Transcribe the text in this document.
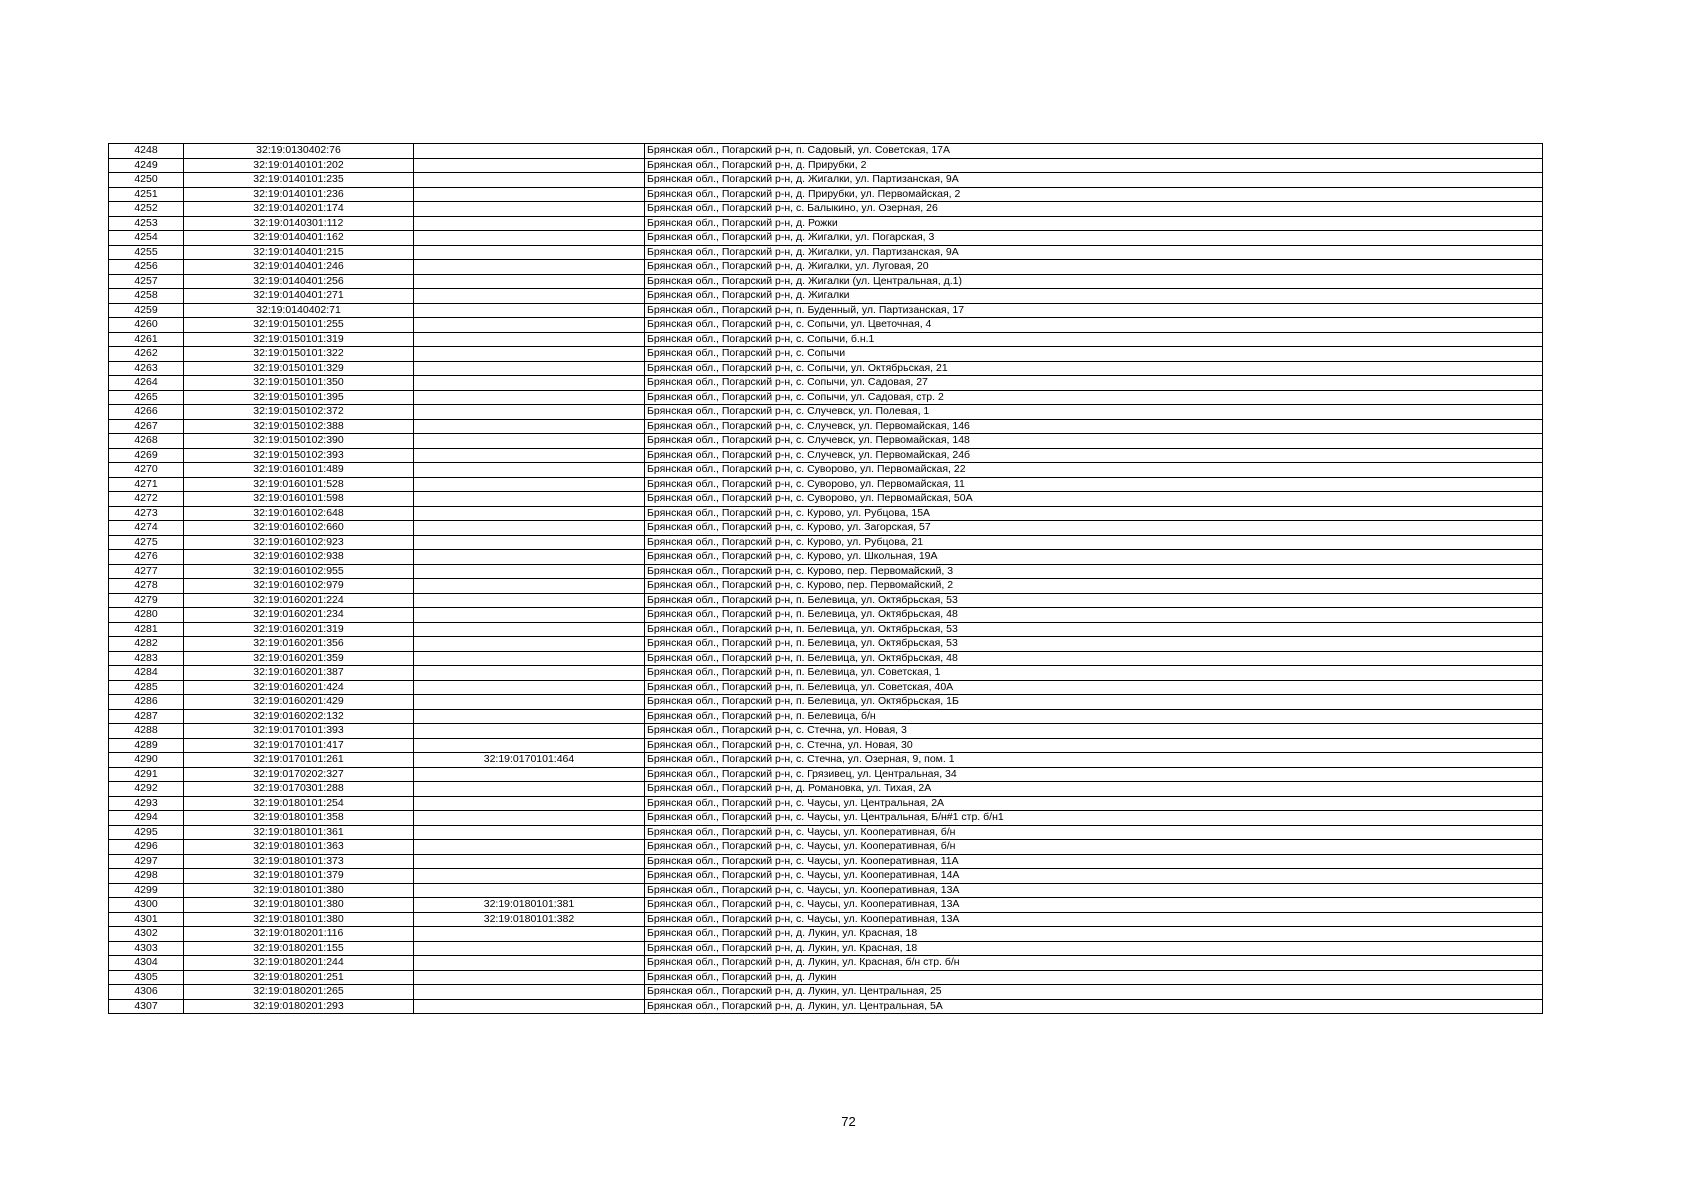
4248	32:19:0130402:76		Брянская обл., Погарский р-н, п. Садовый, ул. Советская, 17А
4249	32:19:0140101:202		Брянская обл., Погарский р-н, д. Прирубки, 2
4250	32:19:0140101:235		Брянская обл., Погарский р-н, д. Жигалки, ул. Партизанская, 9А
4251	32:19:0140101:236		Брянская обл., Погарский р-н, д. Прирубки, ул. Первомайская, 2
4252	32:19:0140201:174		Брянская обл., Погарский р-н, с. Балыкино, ул. Озерная, 26
4253	32:19:0140301:112		Брянская обл., Погарский р-н, д. Рожки
4254	32:19:0140401:162		Брянская обл., Погарский р-н, д. Жигалки, ул. Погарская, 3
4255	32:19:0140401:215		Брянская обл., Погарский р-н, д. Жигалки, ул. Партизанская, 9А
4256	32:19:0140401:246		Брянская обл., Погарский р-н, д. Жигалки, ул. Луговая, 20
4257	32:19:0140401:256		Брянская обл., Погарский р-н, д. Жигалки (ул. Центральная, д.1)
4258	32:19:0140401:271		Брянская обл., Погарский р-н, д. Жигалки
4259	32:19:0140402:71		Брянская обл., Погарский р-н, п. Буденный, ул. Партизанская, 17
4260	32:19:0150101:255		Брянская обл., Погарский р-н, с. Сопычи, ул. Цветочная, 4
4261	32:19:0150101:319		Брянская обл., Погарский р-н, с. Сопычи, б.н.1
4262	32:19:0150101:322		Брянская обл., Погарский р-н, с. Сопычи
4263	32:19:0150101:329		Брянская обл., Погарский р-н, с. Сопычи, ул. Октябрьская, 21
4264	32:19:0150101:350		Брянская обл., Погарский р-н, с. Сопычи, ул. Садовая, 27
4265	32:19:0150101:395		Брянская обл., Погарский р-н, с. Сопычи, ул. Садовая, стр. 2
4266	32:19:0150102:372		Брянская обл., Погарский р-н, с. Случевск, ул. Полевая, 1
4267	32:19:0150102:388		Брянская обл., Погарский р-н, с. Случевск, ул. Первомайская, 146
4268	32:19:0150102:390		Брянская обл., Погарский р-н, с. Случевск, ул. Первомайская, 148
4269	32:19:0150102:393		Брянская обл., Погарский р-н, с. Случевск, ул. Первомайская, 24б
4270	32:19:0160101:489		Брянская обл., Погарский р-н, с. Суворово, ул. Первомайская, 22
4271	32:19:0160101:528		Брянская обл., Погарский р-н, с. Суворово, ул. Первомайская, 11
4272	32:19:0160101:598		Брянская обл., Погарский р-н, с. Суворово, ул. Первомайская, 50А
4273	32:19:0160102:648		Брянская обл., Погарский р-н, с. Курово, ул. Рубцова, 15А
4274	32:19:0160102:660		Брянская обл., Погарский р-н, с. Курово, ул. Загорская, 57
4275	32:19:0160102:923		Брянская обл., Погарский р-н, с. Курово, ул. Рубцова, 21
4276	32:19:0160102:938		Брянская обл., Погарский р-н, с. Курово, ул. Школьная, 19А
4277	32:19:0160102:955		Брянская обл., Погарский р-н, с. Курово, пер. Первомайский, 3
4278	32:19:0160102:979		Брянская обл., Погарский р-н, с. Курово, пер. Первомайский, 2
4279	32:19:0160201:224		Брянская обл., Погарский р-н, п. Белевица, ул. Октябрьская, 53
4280	32:19:0160201:234		Брянская обл., Погарский р-н, п. Белевица, ул. Октябрьская, 48
4281	32:19:0160201:319		Брянская обл., Погарский р-н, п. Белевица, ул. Октябрьская, 53
4282	32:19:0160201:356		Брянская обл., Погарский р-н, п. Белевица, ул. Октябрьская, 53
4283	32:19:0160201:359		Брянская обл., Погарский р-н, п. Белевица, ул. Октябрьская, 48
4284	32:19:0160201:387		Брянская обл., Погарский р-н, п. Белевица, ул. Советская, 1
4285	32:19:0160201:424		Брянская обл., Погарский р-н, п. Белевица, ул. Советская, 40А
4286	32:19:0160201:429		Брянская обл., Погарский р-н, п. Белевица, ул. Октябрьская, 1Б
4287	32:19:0160202:132		Брянская обл., Погарский р-н, п. Белевица, б/н
4288	32:19:0170101:393		Брянская обл., Погарский р-н, с. Стечна, ул. Новая, 3
4289	32:19:0170101:417		Брянская обл., Погарский р-н, с. Стечна, ул. Новая, 30
4290	32:19:0170101:261	32:19:0170101:464	Брянская обл., Погарский р-н, с. Стечна, ул. Озерная, 9, пом. 1
4291	32:19:0170202:327		Брянская обл., Погарский р-н, с. Грязивец, ул. Центральная, 34
4292	32:19:0170301:288		Брянская обл., Погарский р-н, д. Романовка, ул. Тихая, 2А
4293	32:19:0180101:254		Брянская обл., Погарский р-н, с. Чаусы, ул. Центральная, 2А
4294	32:19:0180101:358		Брянская обл., Погарский р-н, с. Чаусы, ул. Центральная, Б/н#1 стр. б/н1
4295	32:19:0180101:361		Брянская обл., Погарский р-н, с. Чаусы, ул. Кооперативная, б/н
4296	32:19:0180101:363		Брянская обл., Погарский р-н, с. Чаусы, ул. Кооперативная, б/н
4297	32:19:0180101:373		Брянская обл., Погарский р-н, с. Чаусы, ул. Кооперативная, 11А
4298	32:19:0180101:379		Брянская обл., Погарский р-н, с. Чаусы, ул. Кооперативная, 14А
4299	32:19:0180101:380		Брянская обл., Погарский р-н, с. Чаусы, ул. Кооперативная, 13А
4300	32:19:0180101:380	32:19:0180101:381	Брянская обл., Погарский р-н, с. Чаусы, ул. Кооперативная, 13А
4301	32:19:0180101:380	32:19:0180101:382	Брянская обл., Погарский р-н, с. Чаусы, ул. Кооперативная, 13А
4302	32:19:0180201:116		Брянская обл., Погарский р-н, д. Лукин, ул. Красная, 18
4303	32:19:0180201:155		Брянская обл., Погарский р-н, д. Лукин, ул. Красная, 18
4304	32:19:0180201:244		Брянская обл., Погарский р-н, д. Лукин, ул. Красная, б/н стр. б/н
4305	32:19:0180201:251		Брянская обл., Погарский р-н, д. Лукин
4306	32:19:0180201:265		Брянская обл., Погарский р-н, д. Лукин, ул. Центральная, 25
4307	32:19:0180201:293		Брянская обл., Погарский р-н, д. Лукин, ул. Центральная, 5А
72
